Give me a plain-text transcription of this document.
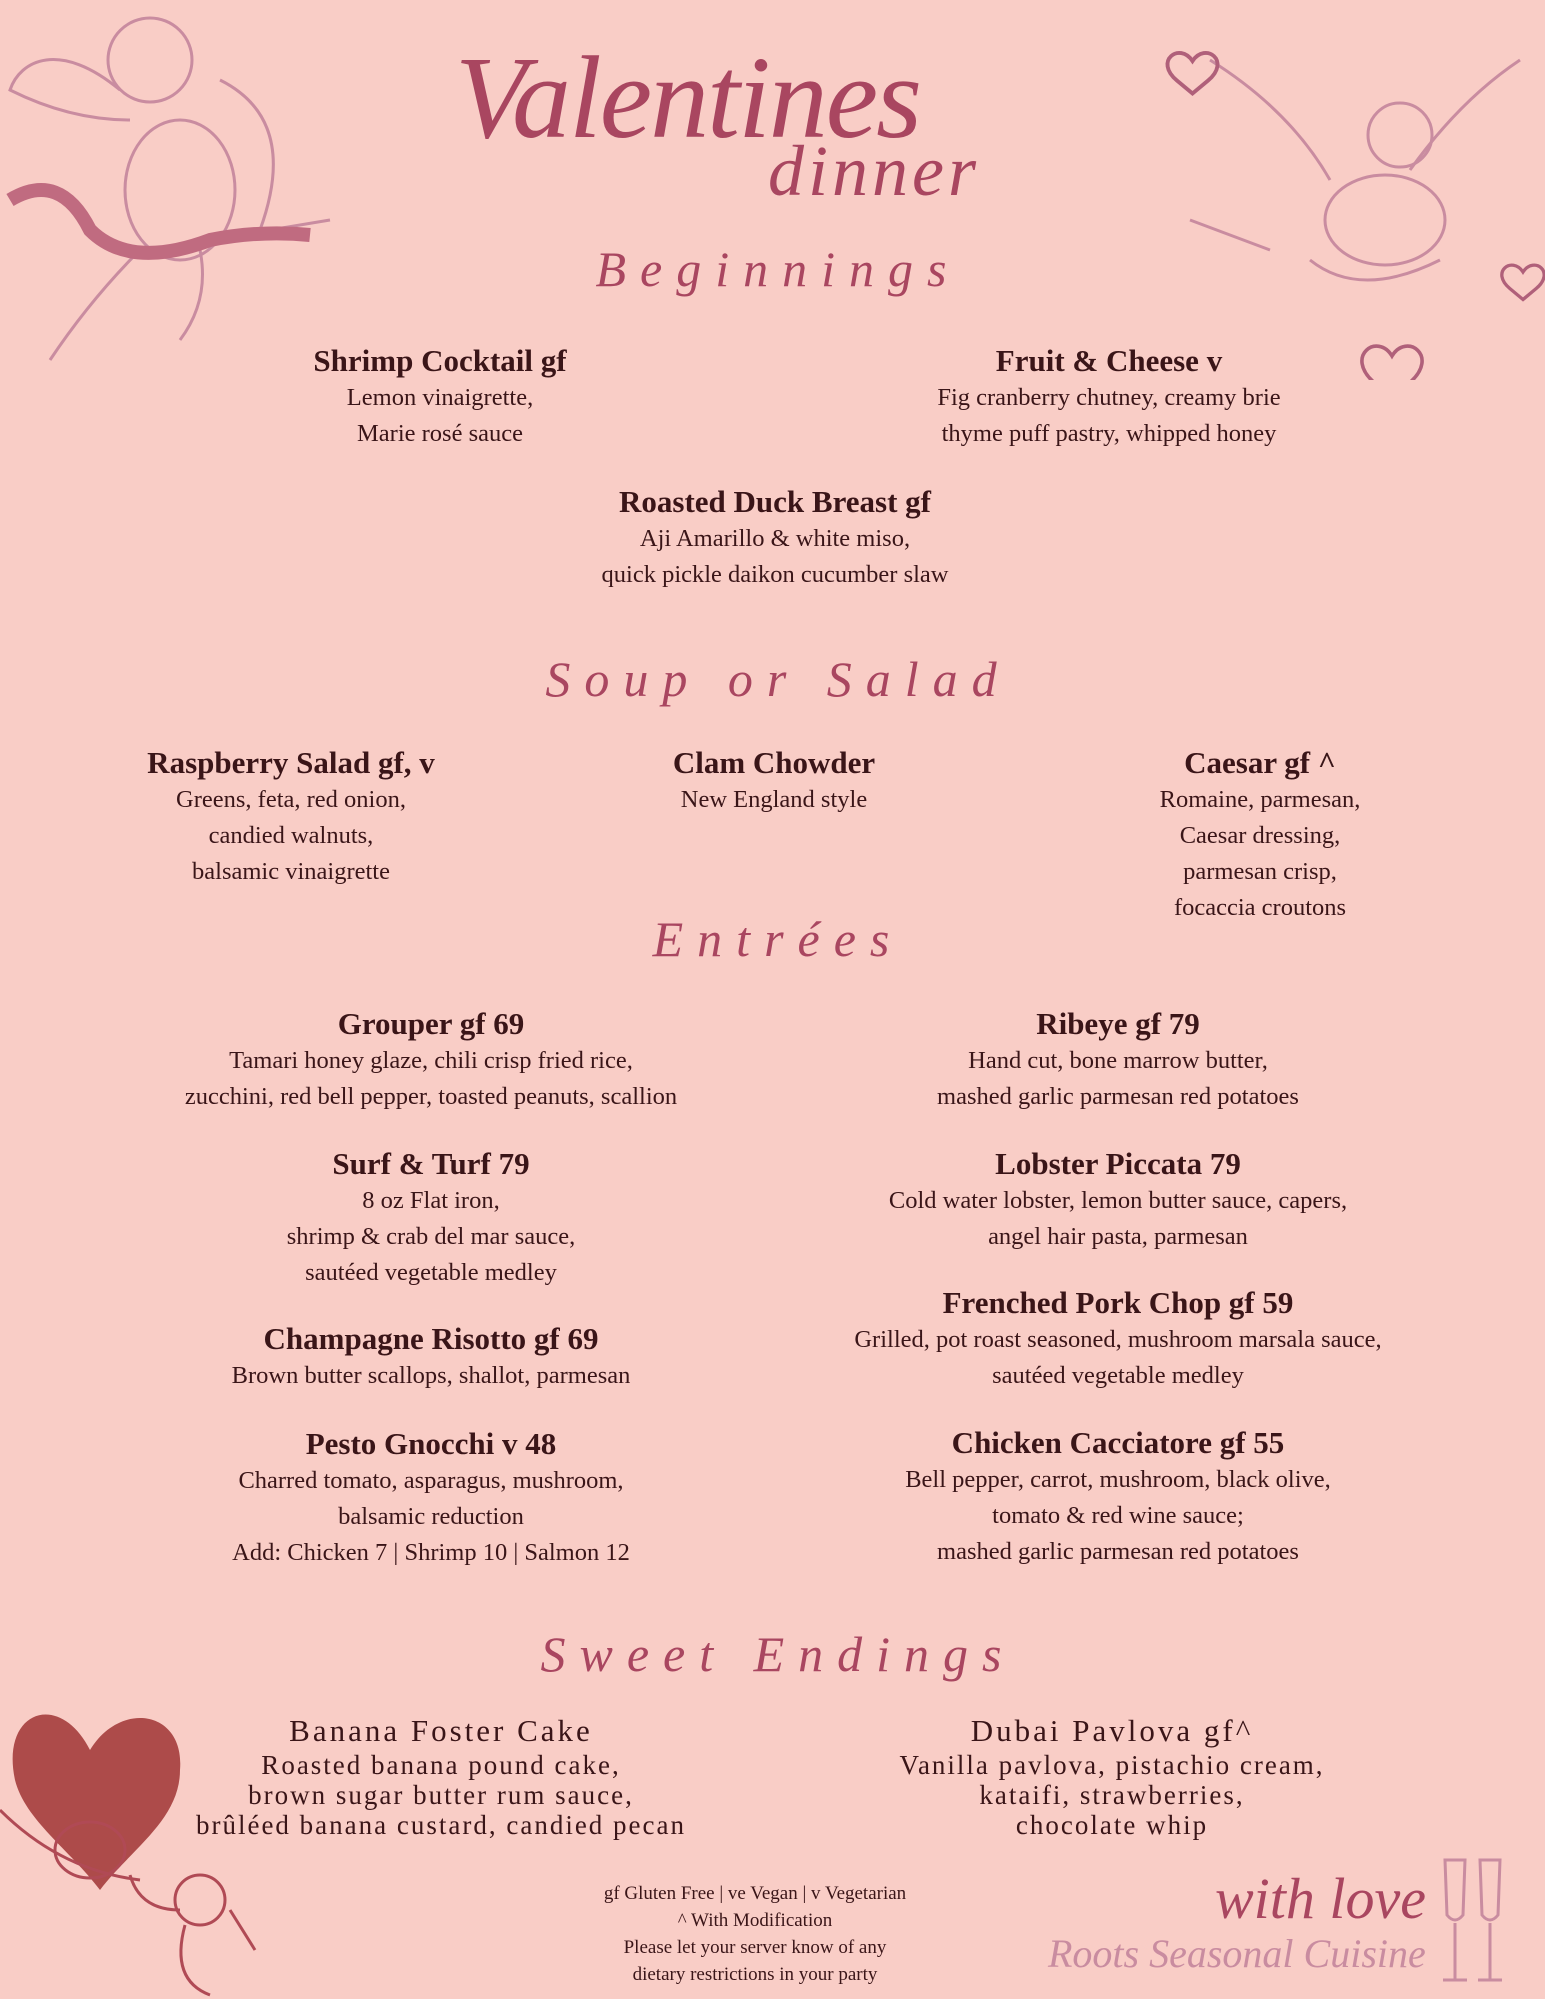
Valentines
dinner
Beginnings
Soup or Salad
Entrées
Sweet Endings
Shrimp Cocktail gf
Lemon vinaigrette,
Marie rosé sauce
Fruit & Cheese v
Fig cranberry chutney, creamy brie
thyme puff pastry, whipped honey
Roasted Duck Breast gf
Aji Amarillo & white miso,
quick pickle daikon cucumber slaw
Raspberry Salad gf, v
Greens, feta, red onion,
candied walnuts,
balsamic vinaigrette
Clam Chowder
New England style
Caesar gf ^
Romaine, parmesan,
Caesar dressing,
parmesan crisp,
focaccia croutons
Grouper gf 69
Tamari honey glaze, chili crisp fried rice,
zucchini, red bell pepper, toasted peanuts, scallion
Surf & Turf 79
8 oz Flat iron,
shrimp & crab del mar sauce,
sautéed vegetable medley
Champagne Risotto gf 69
Brown butter scallops, shallot, parmesan
Pesto Gnocchi v 48
Charred tomato, asparagus, mushroom,
balsamic reduction
Add: Chicken 7 | Shrimp 10 | Salmon 12
Ribeye gf 79
Hand cut, bone marrow butter,
mashed garlic parmesan red potatoes
Lobster Piccata 79
Cold water lobster, lemon butter sauce, capers,
angel hair pasta, parmesan
Frenched Pork Chop gf 59
Grilled, pot roast seasoned, mushroom marsala sauce,
sautéed vegetable medley
Chicken Cacciatore gf 55
Bell pepper, carrot, mushroom, black olive,
tomato & red wine sauce;
mashed garlic parmesan red potatoes
Banana Foster Cake
Roasted banana pound cake,
brown sugar butter rum sauce,
brûléed banana custard, candied pecan
Dubai Pavlova gf^
Vanilla pavlova, pistachio cream,
kataifi, strawberries,
chocolate whip
gf Gluten Free | ve Vegan | v Vegetarian
^ With Modification
Please let your server know of any
dietary restrictions in your party
with love
Roots Seasonal Cuisine
